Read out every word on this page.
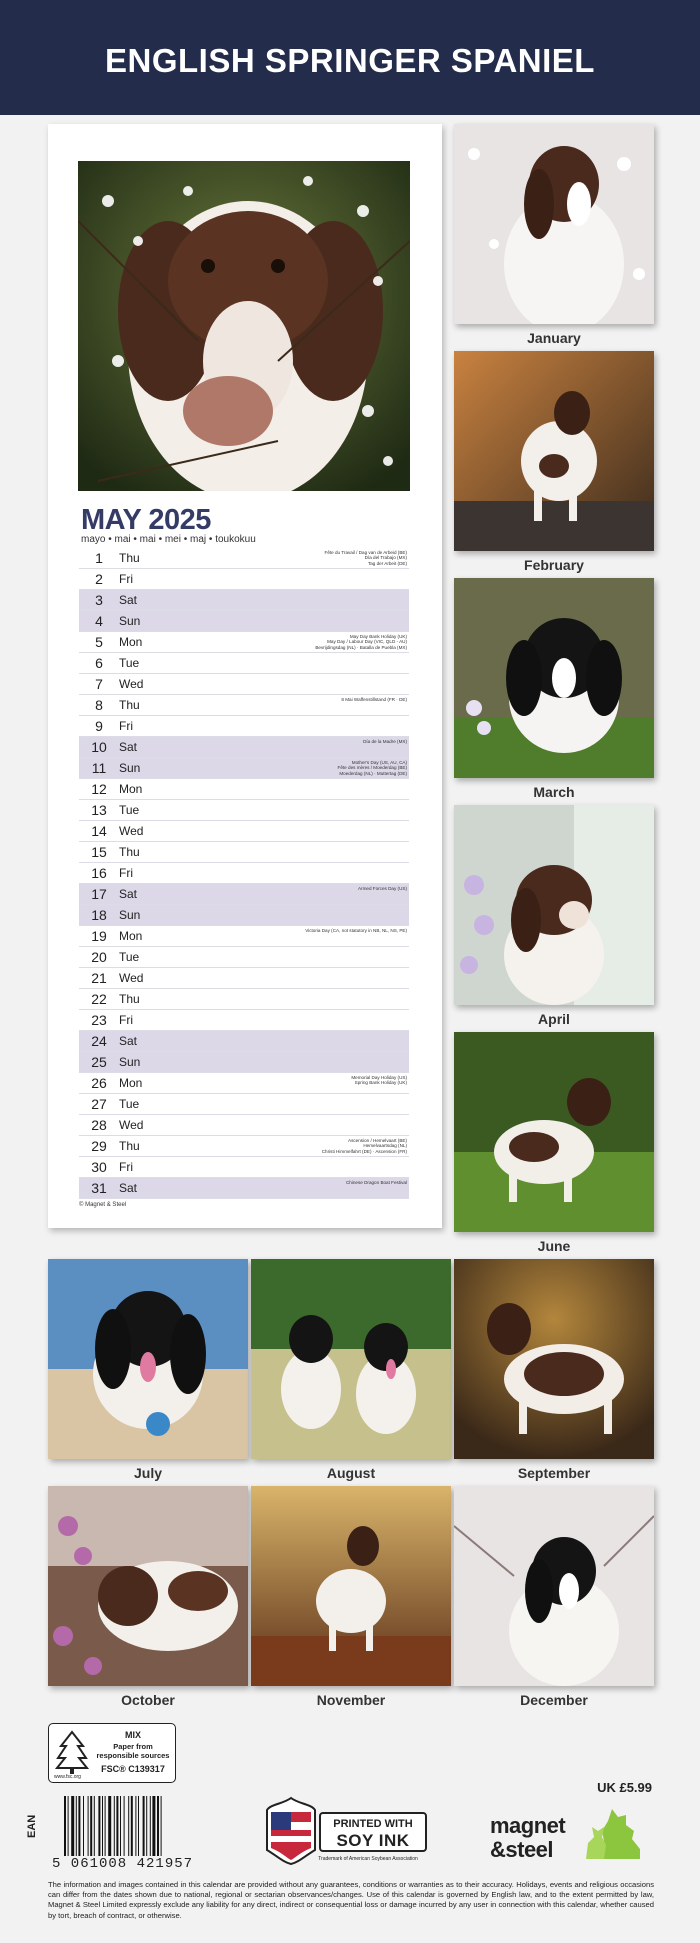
ENGLISH SPRINGER SPANIEL
MAY 2025
mayo • mai • mai • mei • maj • toukokuu
1	Thu	Fête du Travail / Dag van de Arbeid (BE)
Día del Trabajo (MX)
Tag der Arbeit (DE)
2	Fri
3	Sat
4	Sun
5	Mon	May Day Bank Holiday (UK)
May Day / Labour Day (VIC, QLD - AU)
Bevrijdingsdag (NL) · Batalla de Puebla (MX)
6	Tue
7	Wed
8	Thu	8 Mai Waffenstillstand (FR · DE)
9	Fri
10	Sat	Día de la Madre (MX)
11	Sun	Mother's Day (US, AU, CA)
Fête des mères / Moederdag (BE)
Moederdag (NL) · Muttertag (DE)
12	Mon
13	Tue
14	Wed
15	Thu
16	Fri
17	Sat	Armed Forces Day (US)
18	Sun
19	Mon	Victoria Day (CA, not statutory in NB, NL, NS, PE)
20	Tue
21	Wed
22	Thu
23	Fri
24	Sat
25	Sun
26	Mon	Memorial Day Holiday (US)
Spring Bank Holiday (UK)
27	Tue
28	Wed
29	Thu	Ascension / Hemelvaart (BE)
Hemelvaartsdag (NL)
Christi Himmelfahrt (DE) · Ascension (FR)
30	Fri
31	Sat	Chinese Dragon Boat Festival
© Magnet & Steel
January
February
March
April
June
July	August	September
October	November	December
MIX
Paper from
responsible sources
FSC® C139317
www.fsc.org
UK £5.99
EAN
5 061008 421957
PRINTED WITH
SOY INK
Trademark of American Soybean Association
magnet
&steel
The information and images contained in this calendar are provided without any guarantees, conditions or warranties as to their accuracy. Holidays, events and religious occasions can differ from the dates shown due to national, regional or sectarian observances/changes. Use of this calendar is governed by English law, and to the extent permitted by law, Magnet & Steel Limited expressly exclude any liability for any direct, indirect or consequential loss or damage incurred by any user in connection with this calendar, whether caused by tort, breach of contract, or otherwise.
